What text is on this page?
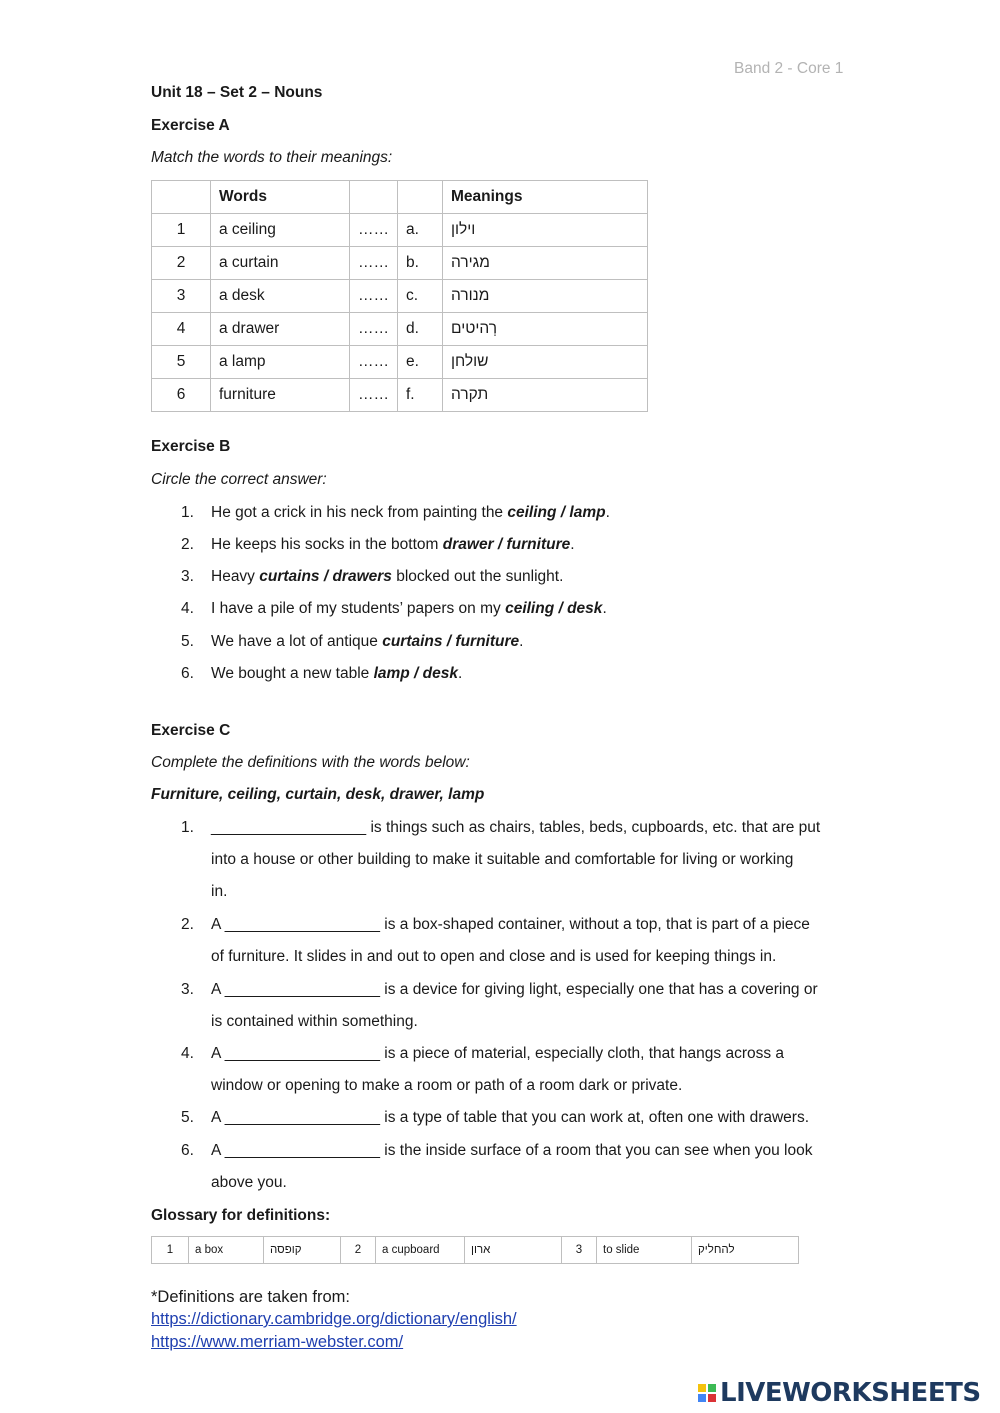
Band 2 - Core 1
Unit 18 – Set 2 – Nouns
Exercise A
Match the words to their meanings:
	Words			Meanings
1	a ceiling	……	a.	וילון
2	a curtain	……	b.	מגירה
3	a desk	……	c.	מנורה
4	a drawer	……	d.	רְהיטים
5	a lamp	……	e.	שולחן
6	furniture	……	f.	תקרה
Exercise B
Circle the correct answer:
1. He got a crick in his neck from painting the ceiling / lamp.
2. He keeps his socks in the bottom drawer / furniture.
3. Heavy curtains / drawers blocked out the sunlight.
4. I have a pile of my students’ papers on my ceiling / desk.
5. We have a lot of antique curtains / furniture.
6. We bought a new table lamp / desk.
Exercise C
Complete the definitions with the words below:
Furniture, ceiling, curtain, desk, drawer, lamp
1. __________________ is things such as chairs, tables, beds, cupboards, etc. that are put
into a house or other building to make it suitable and comfortable for living or working
in.
2. A __________________ is a box-shaped container, without a top, that is part of a piece
of furniture. It slides in and out to open and close and is used for keeping things in.
3. A __________________ is a device for giving light, especially one that has a covering or
is contained within something.
4. A __________________ is a piece of material, especially cloth, that hangs across a
window or opening to make a room or path of a room dark or private.
5. A __________________ is a type of table that you can work at, often one with drawers.
6. A __________________ is the inside surface of a room that you can see when you look
above you.
Glossary for definitions:
1	a box	קופסה	2	a cupboard	ארון	3	to slide	להחליק
*Definitions are taken from:
https://dictionary.cambridge.org/dictionary/english/
https://www.merriam-webster.com/
LIVEWORKSHEETS
